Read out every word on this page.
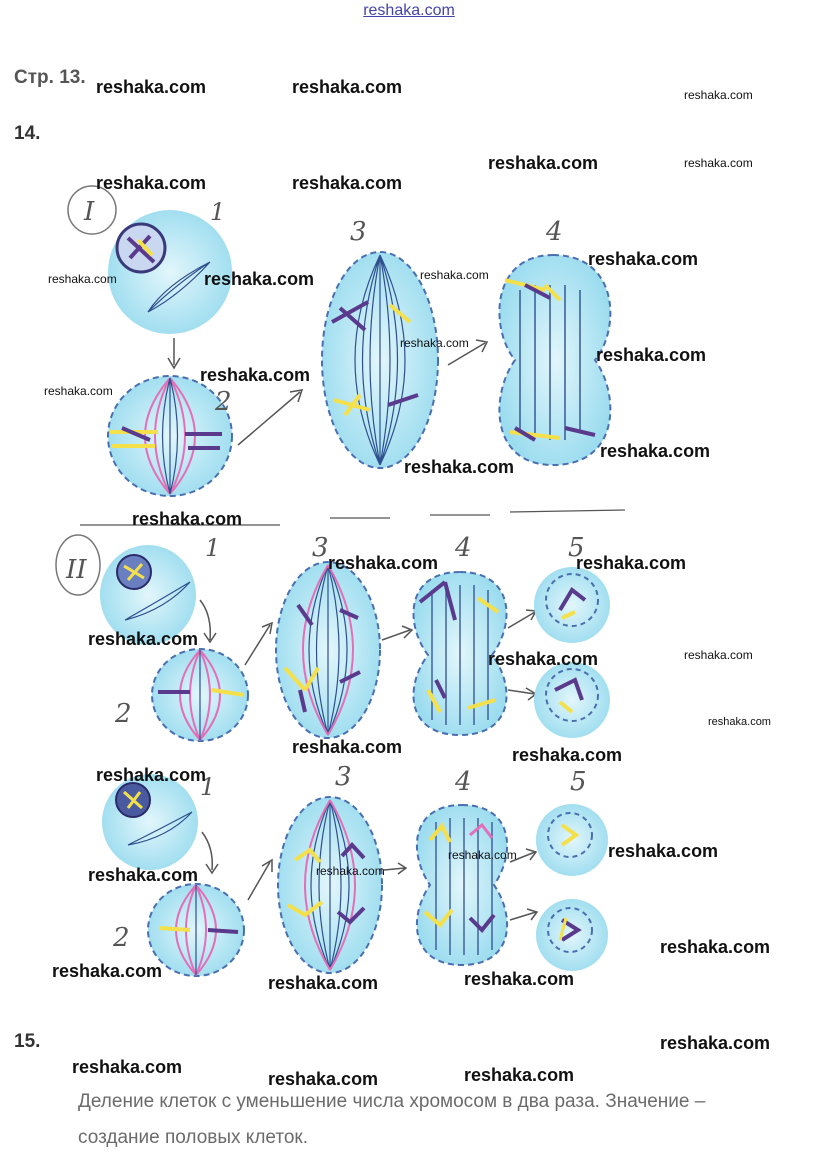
reshaka.com
Стр. 13.
14.
I	1
2
3	4
II
1
2
3	4	5
1
2
3	4	5
reshaka.com	reshaka.com	reshaka.com
reshaka.com	reshaka.com
reshaka.com	reshaka.com
reshaka.com
reshaka.com	reshaka.com	reshaka.com
reshaka.com
reshaka.com
reshaka.com
reshaka.com
reshaka.com
reshaka.com
reshaka.com
reshaka.com	reshaka.com
reshaka.com
reshaka.com	reshaka.com
reshaka.com
reshaka.com	reshaka.com
reshaka.com
reshaka.com
reshaka.com
reshaka.com
reshaka.com
reshaka.com
reshaka.com	reshaka.com
reshaka.com
reshaka.com
reshaka.com	reshaka.com
reshaka.com
15.
Деление клеток с уменьшение числа хромосом в два раза. Значение –
создание половых клеток.
